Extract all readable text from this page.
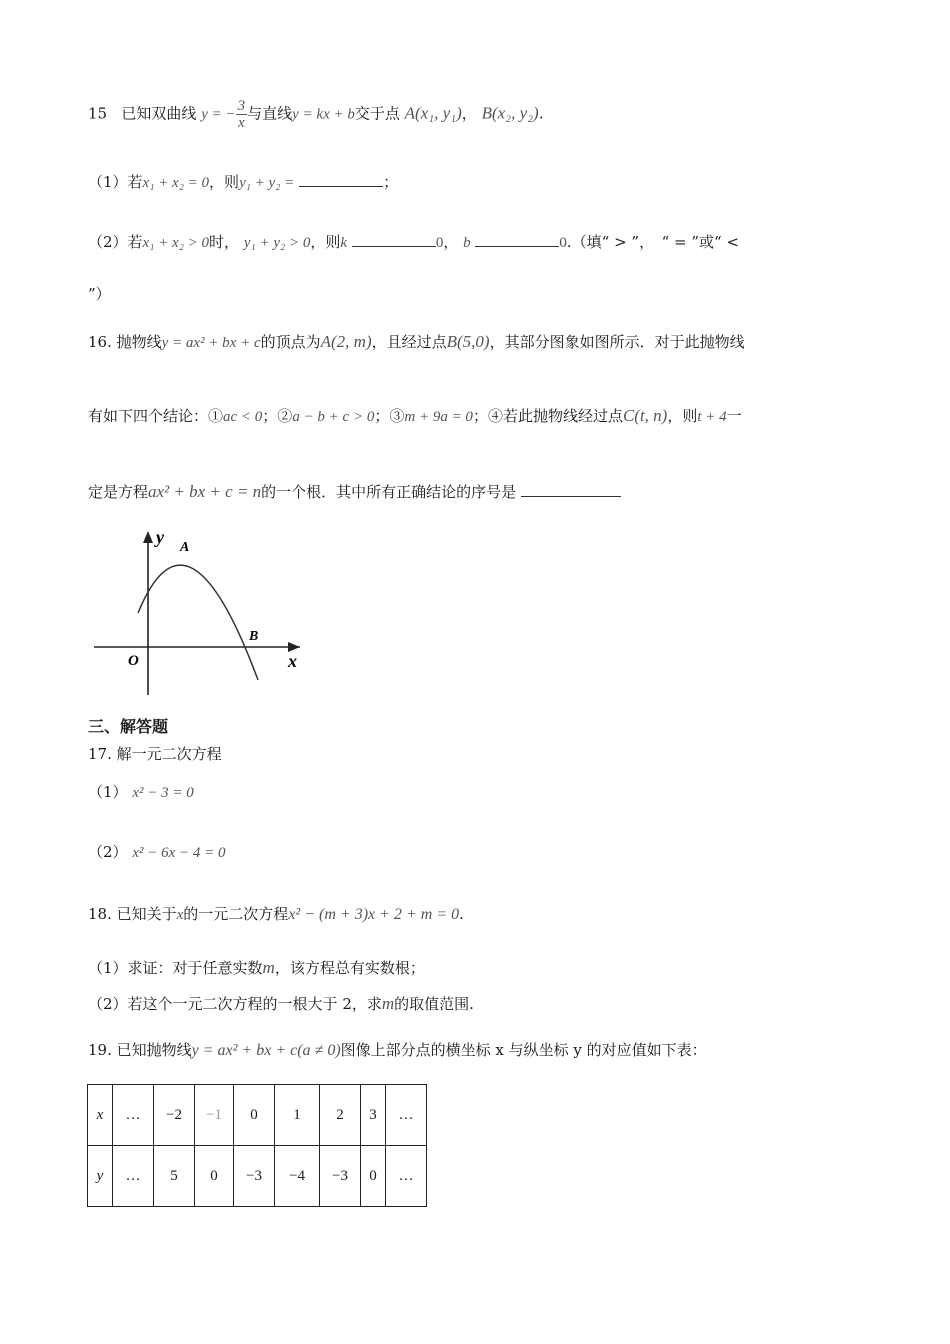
15 已知双曲线 y = − $\frac{3}{x}$ 与直线y = kx + b交于点 A(x₁, y₁)， B(x₂, y₂).
（1）若x₁ + x₂ = 0，则y₁ + y₂ =	；
（2）若x₁ + x₂ > 0时， y₁ + y₂ > 0，则k	0， b	0.（填“ > ”，　“ = ”或“ <
”）
16. 抛物线y = ax² + bx + c的顶点为A(2, m)，且经过点B(5,0)，其部分图象如图所示．对于此抛物线
有如下四个结论：①ac < 0；②a − b + c > 0；③m + 9a = 0；④若此抛物线经过点C(t, n)，则t + 4一
定是方程ax² + bx + c = n的一个根．其中所有正确结论的序号是
y
x
O
A
B
三、解答题
17. 解一元二次方程
（1） x² − 3 = 0
（2） x² − 6x − 4 = 0
18. 已知关于x的一元二次方程x² − (m + 3)x + 2 + m = 0.
（1）求证：对于任意实数m，该方程总有实数根；
（2）若这个一元二次方程的一根大于 2，求m的取值范围.
19. 已知抛物线y = ax² + bx + c(a ≠ 0)图像上部分点的横坐标 x 与纵坐标 y 的对应值如下表：
x	…	−2	−1	0	1	2	3	…
y	…	5	0	−3	−4	−3	0	…
